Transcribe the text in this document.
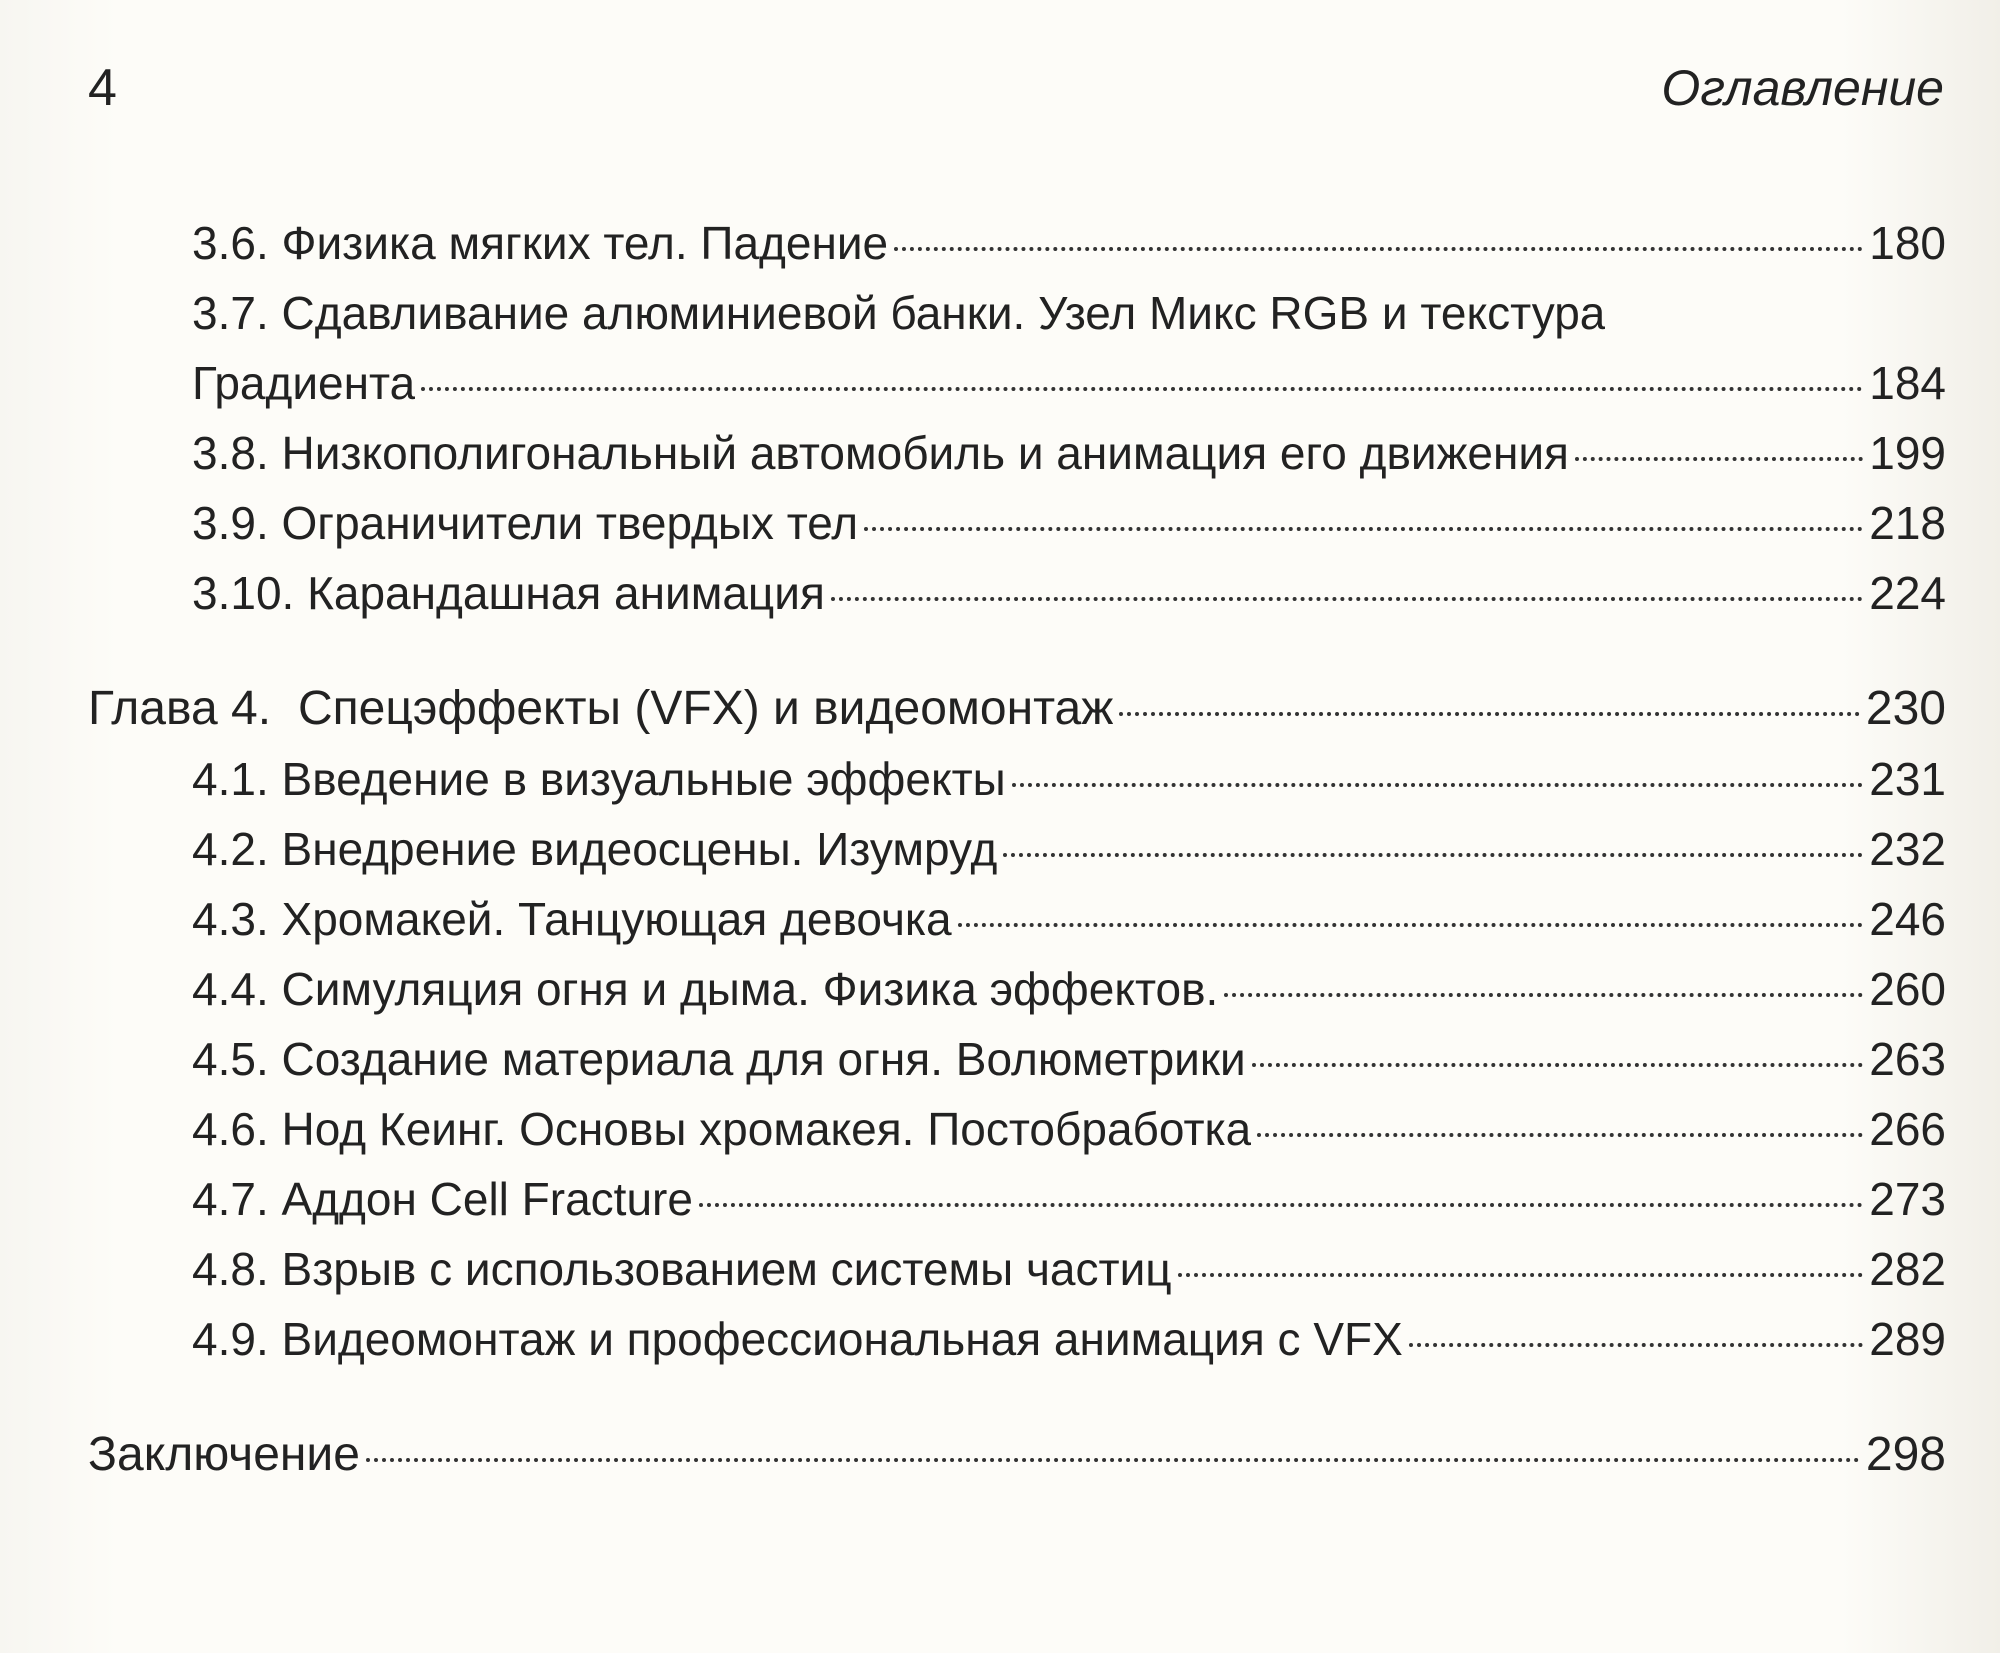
4	Оглавление
3.6. Физика мягких тел. Падение	180
3.7. Сдавливание алюминиевой банки. Узел Микс RGB и текстура
Градиента	184
3.8. Низкополигональный автомобиль и анимация его движения	199
3.9. Ограничители твердых тел	218
3.10. Карандашная анимация	224
Глава 4. Спецэффекты (VFX) и видеомонтаж	230
4.1. Введение в визуальные эффекты	231
4.2. Внедрение видеосцены. Изумруд	232
4.3. Хромакей. Танцующая девочка	246
4.4. Симуляция огня и дыма. Физика эффектов.	260
4.5. Создание материала для огня. Волюметрики	263
4.6. Нод Кеинг. Основы хромакея. Постобработка	266
4.7. Аддон Cell Fracture	273
4.8. Взрыв с использованием системы частиц	282
4.9. Видеомонтаж и профессиональная анимация с VFX	289
Заключение	298
